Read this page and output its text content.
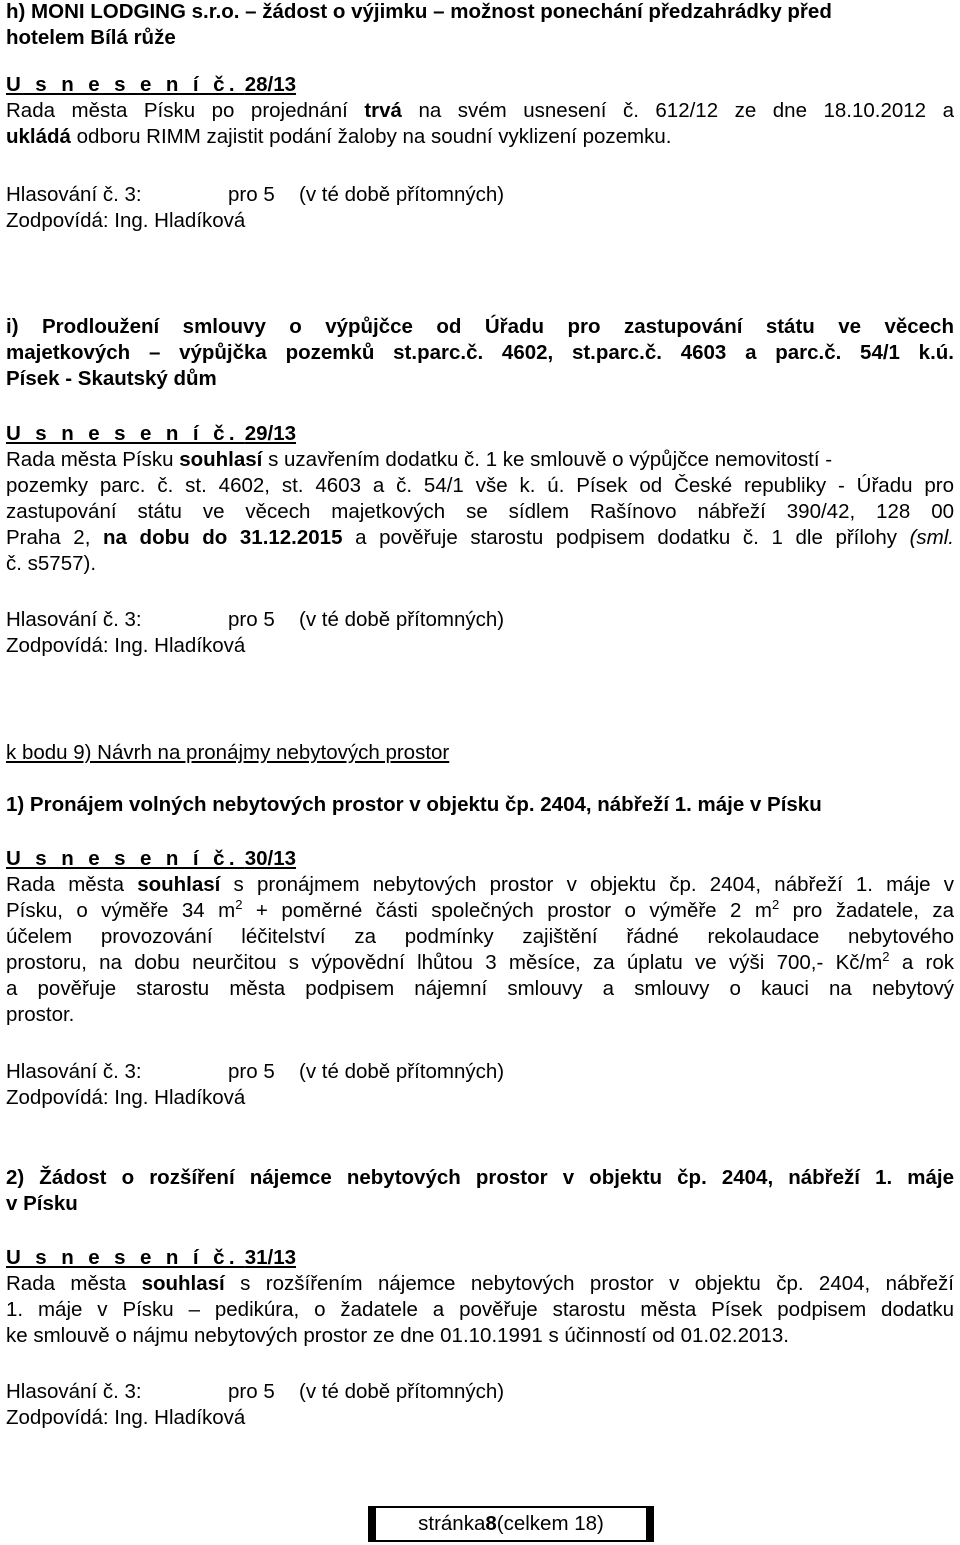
h) MONI LODGING s.r.o. – žádost o výjimku – možnost ponechání předzahrádky před
hotelem Bílá růže
U s n e s e n í č. 28/13
Rada města Písku po projednání trvá na svém usnesení č. 612/12 ze dne 18.10.2012 a
ukládá odboru RIMM zajistit podání žaloby na soudní vyklizení pozemku.
Hlasování č. 3:	pro 5 (v té době přítomných)
Zodpovídá: Ing. Hladíková
i) Prodloužení smlouvy o výpůjčce od Úřadu pro zastupování státu ve věcech
majetkových – výpůjčka pozemků st.parc.č. 4602, st.parc.č. 4603 a parc.č. 54/1 k.ú.
Písek - Skautský dům
U s n e s e n í č. 29/13
Rada města Písku souhlasí s uzavřením dodatku č. 1 ke smlouvě o výpůjčce nemovitostí -
pozemky parc. č. st. 4602, st. 4603 a č. 54/1 vše k. ú. Písek od České republiky - Úřadu pro
zastupování státu ve věcech majetkových se sídlem Rašínovo nábřeží 390/42, 128 00
Praha 2, na dobu do 31.12.2015 a pověřuje starostu podpisem dodatku č. 1 dle přílohy (sml.
č. s5757).
Hlasování č. 3:	pro 5 (v té době přítomných)
Zodpovídá: Ing. Hladíková
k bodu 9) Návrh na pronájmy nebytových prostor
1) Pronájem volných nebytových prostor v objektu čp. 2404, nábřeží 1. máje v Písku
U s n e s e n í č. 30/13
Rada města souhlasí s pronájmem nebytových prostor v objektu čp. 2404, nábřeží 1. máje v
Písku, o výměře 34 $m^2$ + poměrné části společných prostor o výměře 2 $m^2$ pro žadatele, za
účelem provozování léčitelství za podmínky zajištění řádné rekolaudace nebytového
prostoru, na dobu neurčitou s výpovědní lhůtou 3 měsíce, za úplatu ve výši 700,- $Kč/m^2$ a rok
a pověřuje starostu města podpisem nájemní smlouvy a smlouvy o kauci na nebytový
prostor.
Hlasování č. 3:	pro 5 (v té době přítomných)
Zodpovídá: Ing. Hladíková
2) Žádost o rozšíření nájemce nebytových prostor v objektu čp. 2404, nábřeží 1. máje
v Písku
U s n e s e n í č. 31/13
Rada města souhlasí s rozšířením nájemce nebytových prostor v objektu čp. 2404, nábřeží
1. máje v Písku – pedikúra, o žadatele a pověřuje starostu města Písek podpisem dodatku
ke smlouvě o nájmu nebytových prostor ze dne 01.10.1991 s účinností od 01.02.2013.
Hlasování č. 3:	pro 5 (v té době přítomných)
Zodpovídá: Ing. Hladíková
stránka 8 (celkem 18)
